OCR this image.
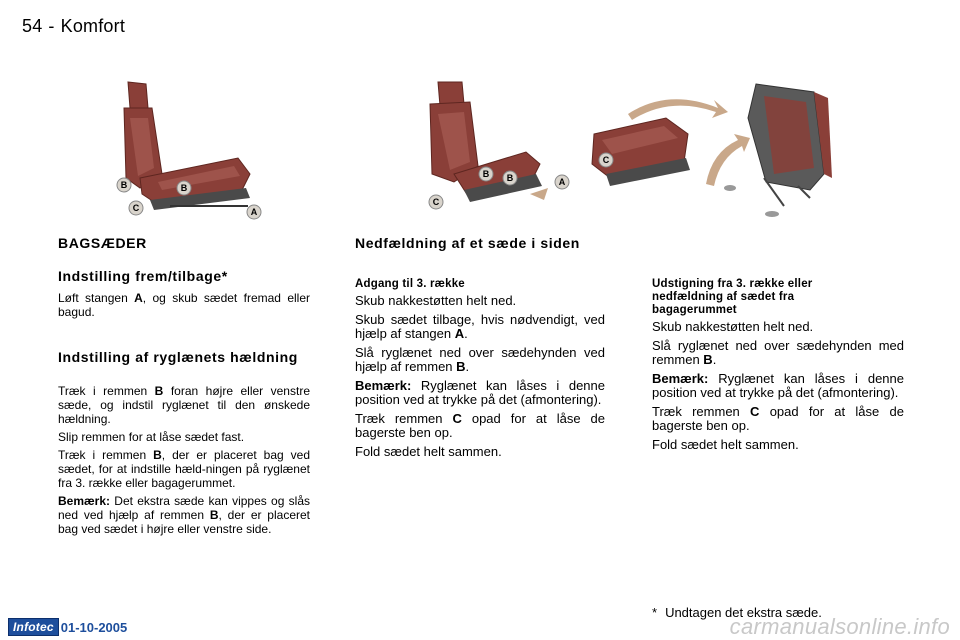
54 - Komfort
B	B
C	A
B B
C
A
C
BAGSÆDER
Indstilling frem/tilbage*

Løft stangen A, og skub sædet fremad eller bagud.

Indstilling af ryglænets hældning

Træk i remmen B foran højre eller venstre sæde, og indstil ryglænet til den ønskede hældning.

Slip remmen for at låse sædet fast.

Træk i remmen B, der er placeret bag ved sædet, for at indstille hæld-ningen på ryglænet fra 3. række eller bagagerummet.

Bemærk: Det ekstra sæde kan vippes og slås ned ved hjælp af remmen B, der er placeret bag ved sædet i højre eller venstre side.

Nedfældning af et sæde i siden
Adgang til 3. række

Skub nakkestøtten helt ned.

Skub sædet tilbage, hvis nødvendigt, ved hjælp af stangen A.

Slå ryglænet ned over sædehynden ved hjælp af remmen B.

Bemærk: Ryglænet kan låses i denne position ved at trykke på det (afmontering).

Træk remmen C opad for at låse de bagerste ben op.

Fold sædet helt sammen.

Udstigning fra 3. række eller nedfældning af sædet fra bagagerummet

Skub nakkestøtten helt ned.

Slå ryglænet ned over sædehynden med remmen B.

Bemærk: Ryglænet kan låses i denne position ved at trykke på det (afmontering).

Træk remmen C opad for at låse de bagerste ben op.

Fold sædet helt sammen.

* Undtagen det ekstra sæde.
Infotec 01-10-2005	carmanualsonline.info
